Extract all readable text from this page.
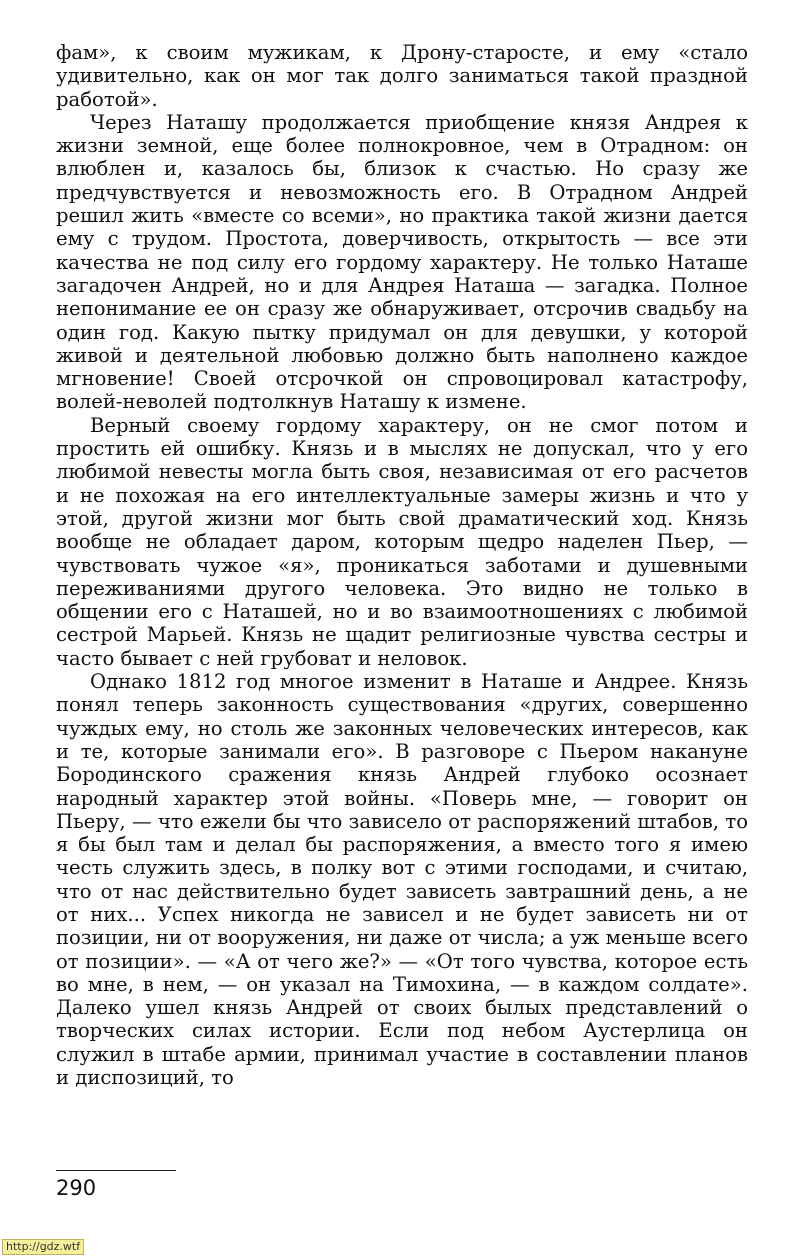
фам», к своим мужикам, к Дрону-старосте, и ему «стало удивительно, как он мог так долго заниматься такой праздной работой».

Через Наташу продолжается приобщение князя Андрея к жизни земной, еще более полнокровное, чем в Отрадном: он влюблен и, казалось бы, близок к счастью. Но сразу же предчувствуется и невозможность его. В Отрадном Андрей решил жить «вместе со всеми», но практика такой жизни дается ему с трудом. Простота, доверчивость, открытость — все эти качества не под силу его гордому характеру. Не только Наташе загадочен Андрей, но и для Андрея Наташа — загадка. Полное непонимание ее он сразу же обнаруживает, отсрочив свадьбу на один год. Какую пытку придумал он для девушки, у которой живой и деятельной любовью должно быть наполнено каждое мгновение! Своей отсрочкой он спровоцировал катастрофу, волей-неволей подтолкнув Наташу к измене.

Верный своему гордому характеру, он не смог потом и простить ей ошибку. Князь и в мыслях не допускал, что у его любимой невесты могла быть своя, независимая от его расчетов и не похожая на его интеллектуальные замеры жизнь и что у этой, другой жизни мог быть свой драматический ход. Князь вообще не обладает даром, которым щедро наделен Пьер, — чувствовать чужое «я», проникаться заботами и душевными переживаниями другого человека. Это видно не только в общении его с Наташей, но и во взаимоотношениях с любимой сестрой Марьей. Князь не щадит религиозные чувства сестры и часто бывает с ней грубоват и неловок.

Однако 1812 год многое изменит в Наташе и Андрее. Князь понял теперь законность существования «других, совершенно чуждых ему, но столь же законных человеческих интересов, как и те, которые занимали его». В разговоре с Пьером накануне Бородинского сражения князь Андрей глубоко осознает народный характер этой войны. «Поверь мне, — говорит он Пьеру, — что ежели бы что зависело от распоряжений штабов, то я бы был там и делал бы распоряжения, а вместо того я имею честь служить здесь, в полку вот с этими господами, и считаю, что от нас действительно будет зависеть завтрашний день, а не от них... Успех никогда не зависел и не будет зависеть ни от позиции, ни от вооружения, ни даже от числа; а уж меньше всего от позиции». — «А от чего же?» — «От того чувства, которое есть во мне, в нем, — он указал на Тимохина, — в каждом солдате». Далеко ушел князь Андрей от своих былых представлений о творческих силах истории. Если под небом Аустерлица он служил в штабе армии, принимал участие в составлении планов и диспозиций, то

290
http://gdz.wtf
